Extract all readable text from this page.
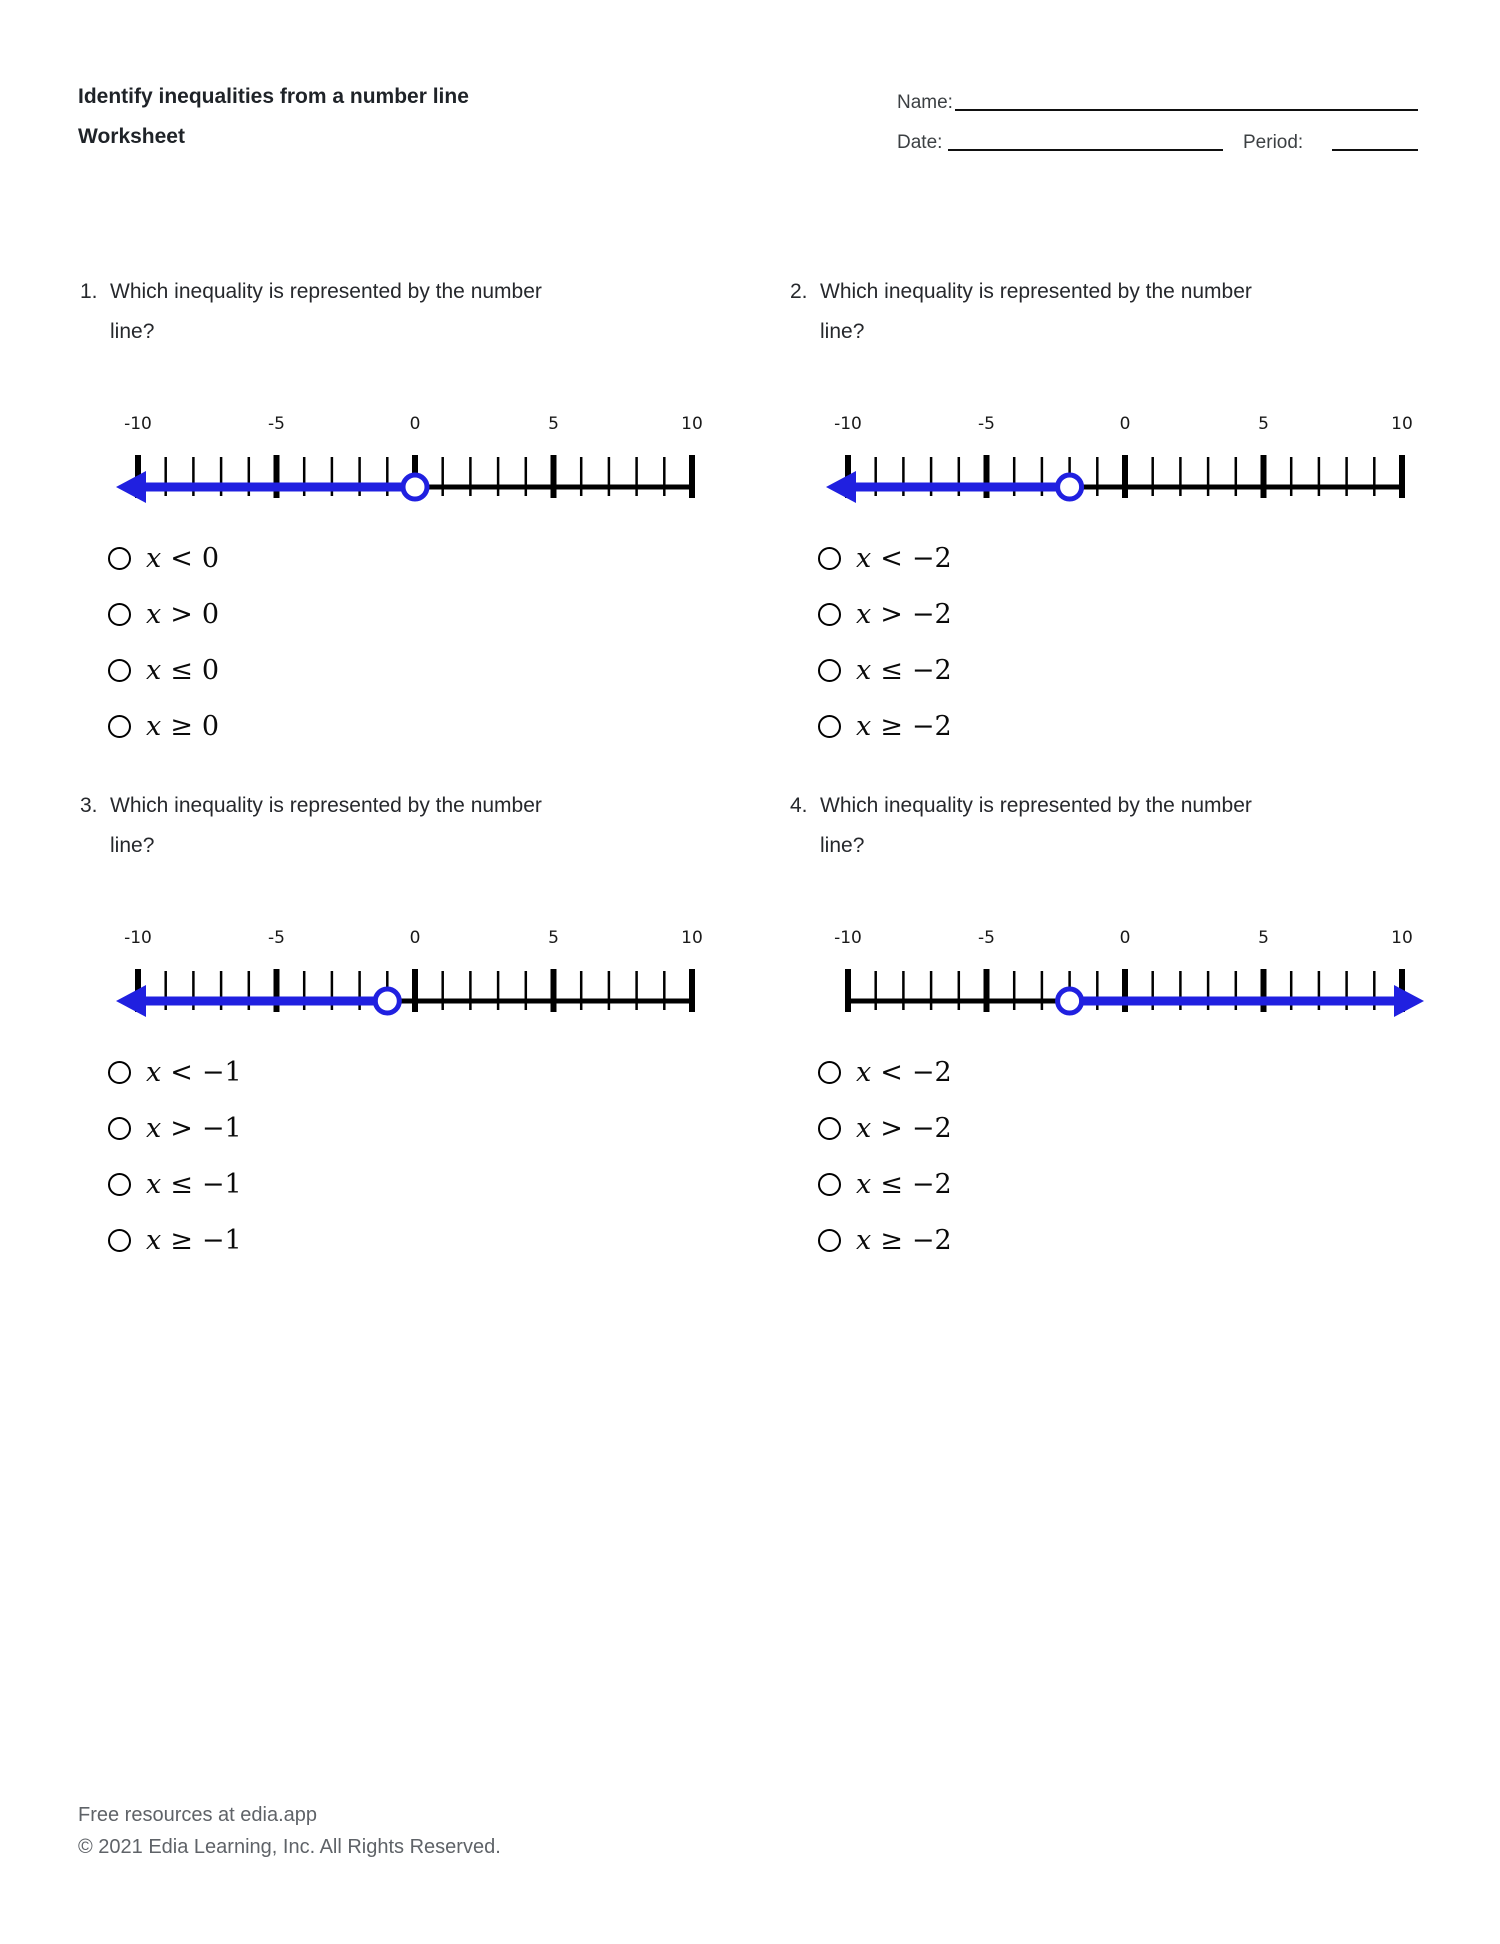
Identify inequalities from a number line
Worksheet
Name:
Date:	Period:
1. Which inequality is represented by the number line?
-10	-5	0	5	10
x < 0
x > 0
x ≤ 0
x ≥ 0
2. Which inequality is represented by the number line?
-10	-5	0	5	10
x < −2
x > −2
x ≤ −2
x ≥ −2
3. Which inequality is represented by the number line?
-10	-5	0	5	10
x < −1
x > −1
x ≤ −1
x ≥ −1
4. Which inequality is represented by the number line?
-10	-5	0	5	10
x < −2
x > −2
x ≤ −2
x ≥ −2
Free resources at edia.app
© 2021 Edia Learning, Inc. All Rights Reserved.
